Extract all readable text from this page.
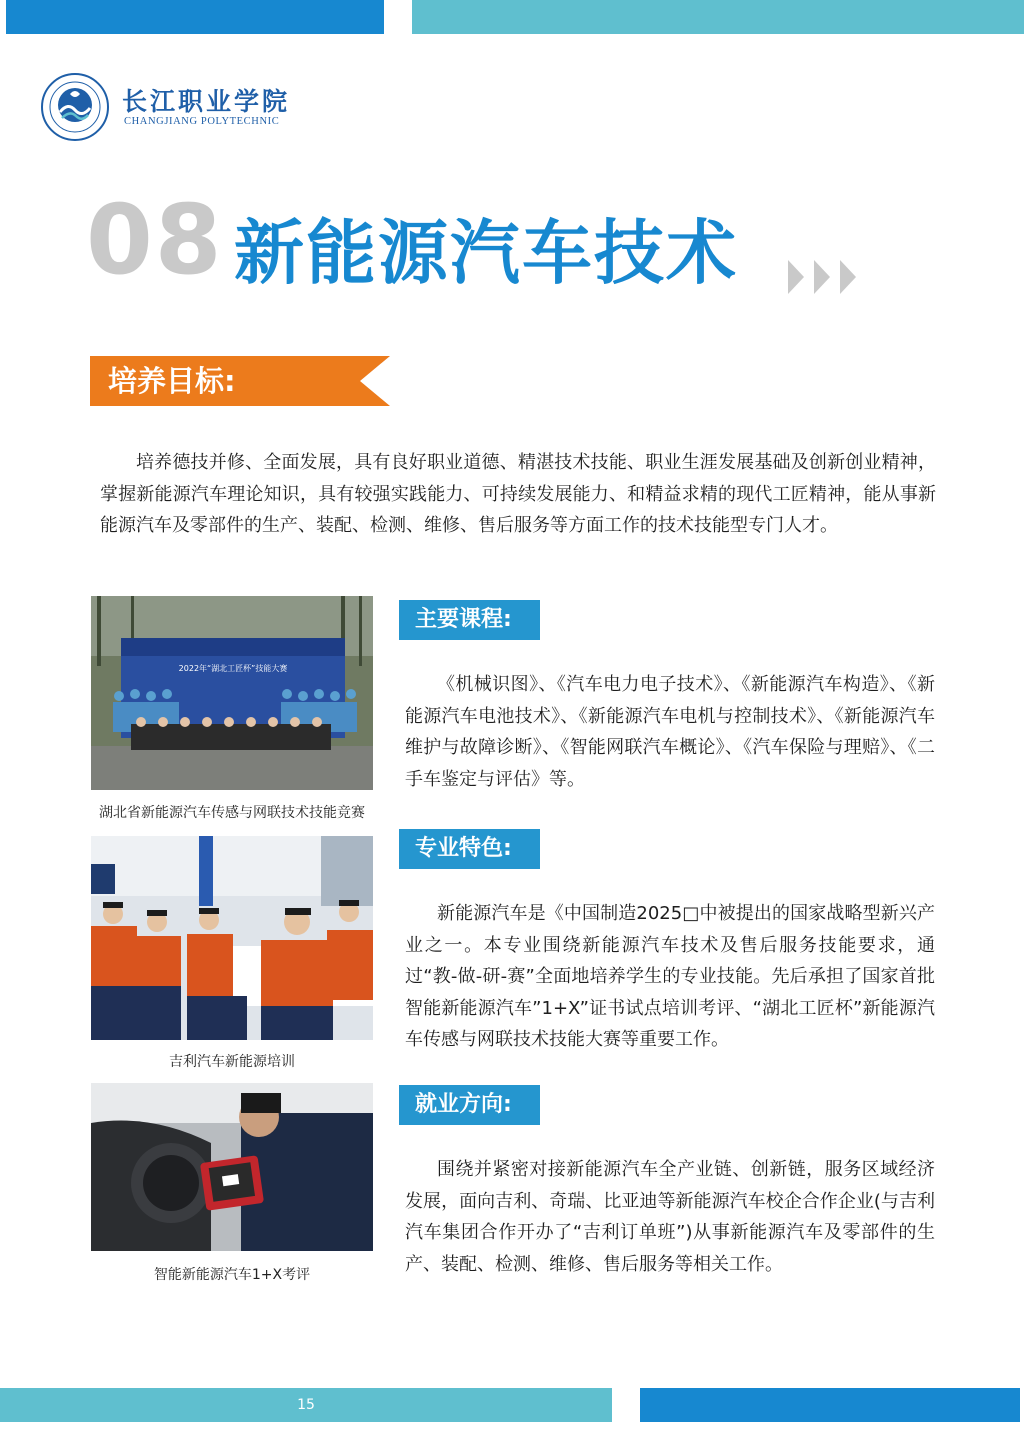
长江职业学院
CHANGJIANG POLYTECHNIC
08 新能源汽车技术
培养目标:

培养德技并修、全面发展，具有良好职业道德、精湛技术技能、职业生涯发展基础及创新创业精神，掌握新能源汽车理论知识，具有较强实践能力、可持续发展能力、和精益求精的现代工匠精神，能从事新能源汽车及零部件的生产、装配、检测、维修、售后服务等方面工作的技术技能型专门人才。

2022年“湖北工匠杯”技能大赛
湖北省新能源汽车传感与网联技术技能竞赛
吉利汽车新能源培训
智能新能源汽车1+X考评
主要课程:

《机械识图》、《汽车电力电子技术》、《新能源汽车构造》、《新能源汽车电池技术》、《新能源汽车电机与控制技术》、《新能源汽车维护与故障诊断》、《智能网联汽车概论》、《汽车保险与理赔》、《二手车鉴定与评估》等。

专业特色:

新能源汽车是《中国制造2025□中被提出的国家战略型新兴产业之一。本专业围绕新能源汽车技术及售后服务技能要求，通过“教-做-研-赛”全面地培养学生的专业技能。先后承担了国家首批智能新能源汽车”1+X”证书试点培训考评、“湖北工匠杯”新能源汽车传感与网联技术技能大赛等重要工作。

就业方向:

围绕并紧密对接新能源汽车全产业链、创新链，服务区域经济发展，面向吉利、奇瑞、比亚迪等新能源汽车校企合作企业(与吉利汽车集团合作开办了“吉利订单班”)从事新能源汽车及零部件的生产、装配、检测、维修、售后服务等相关工作。

15
